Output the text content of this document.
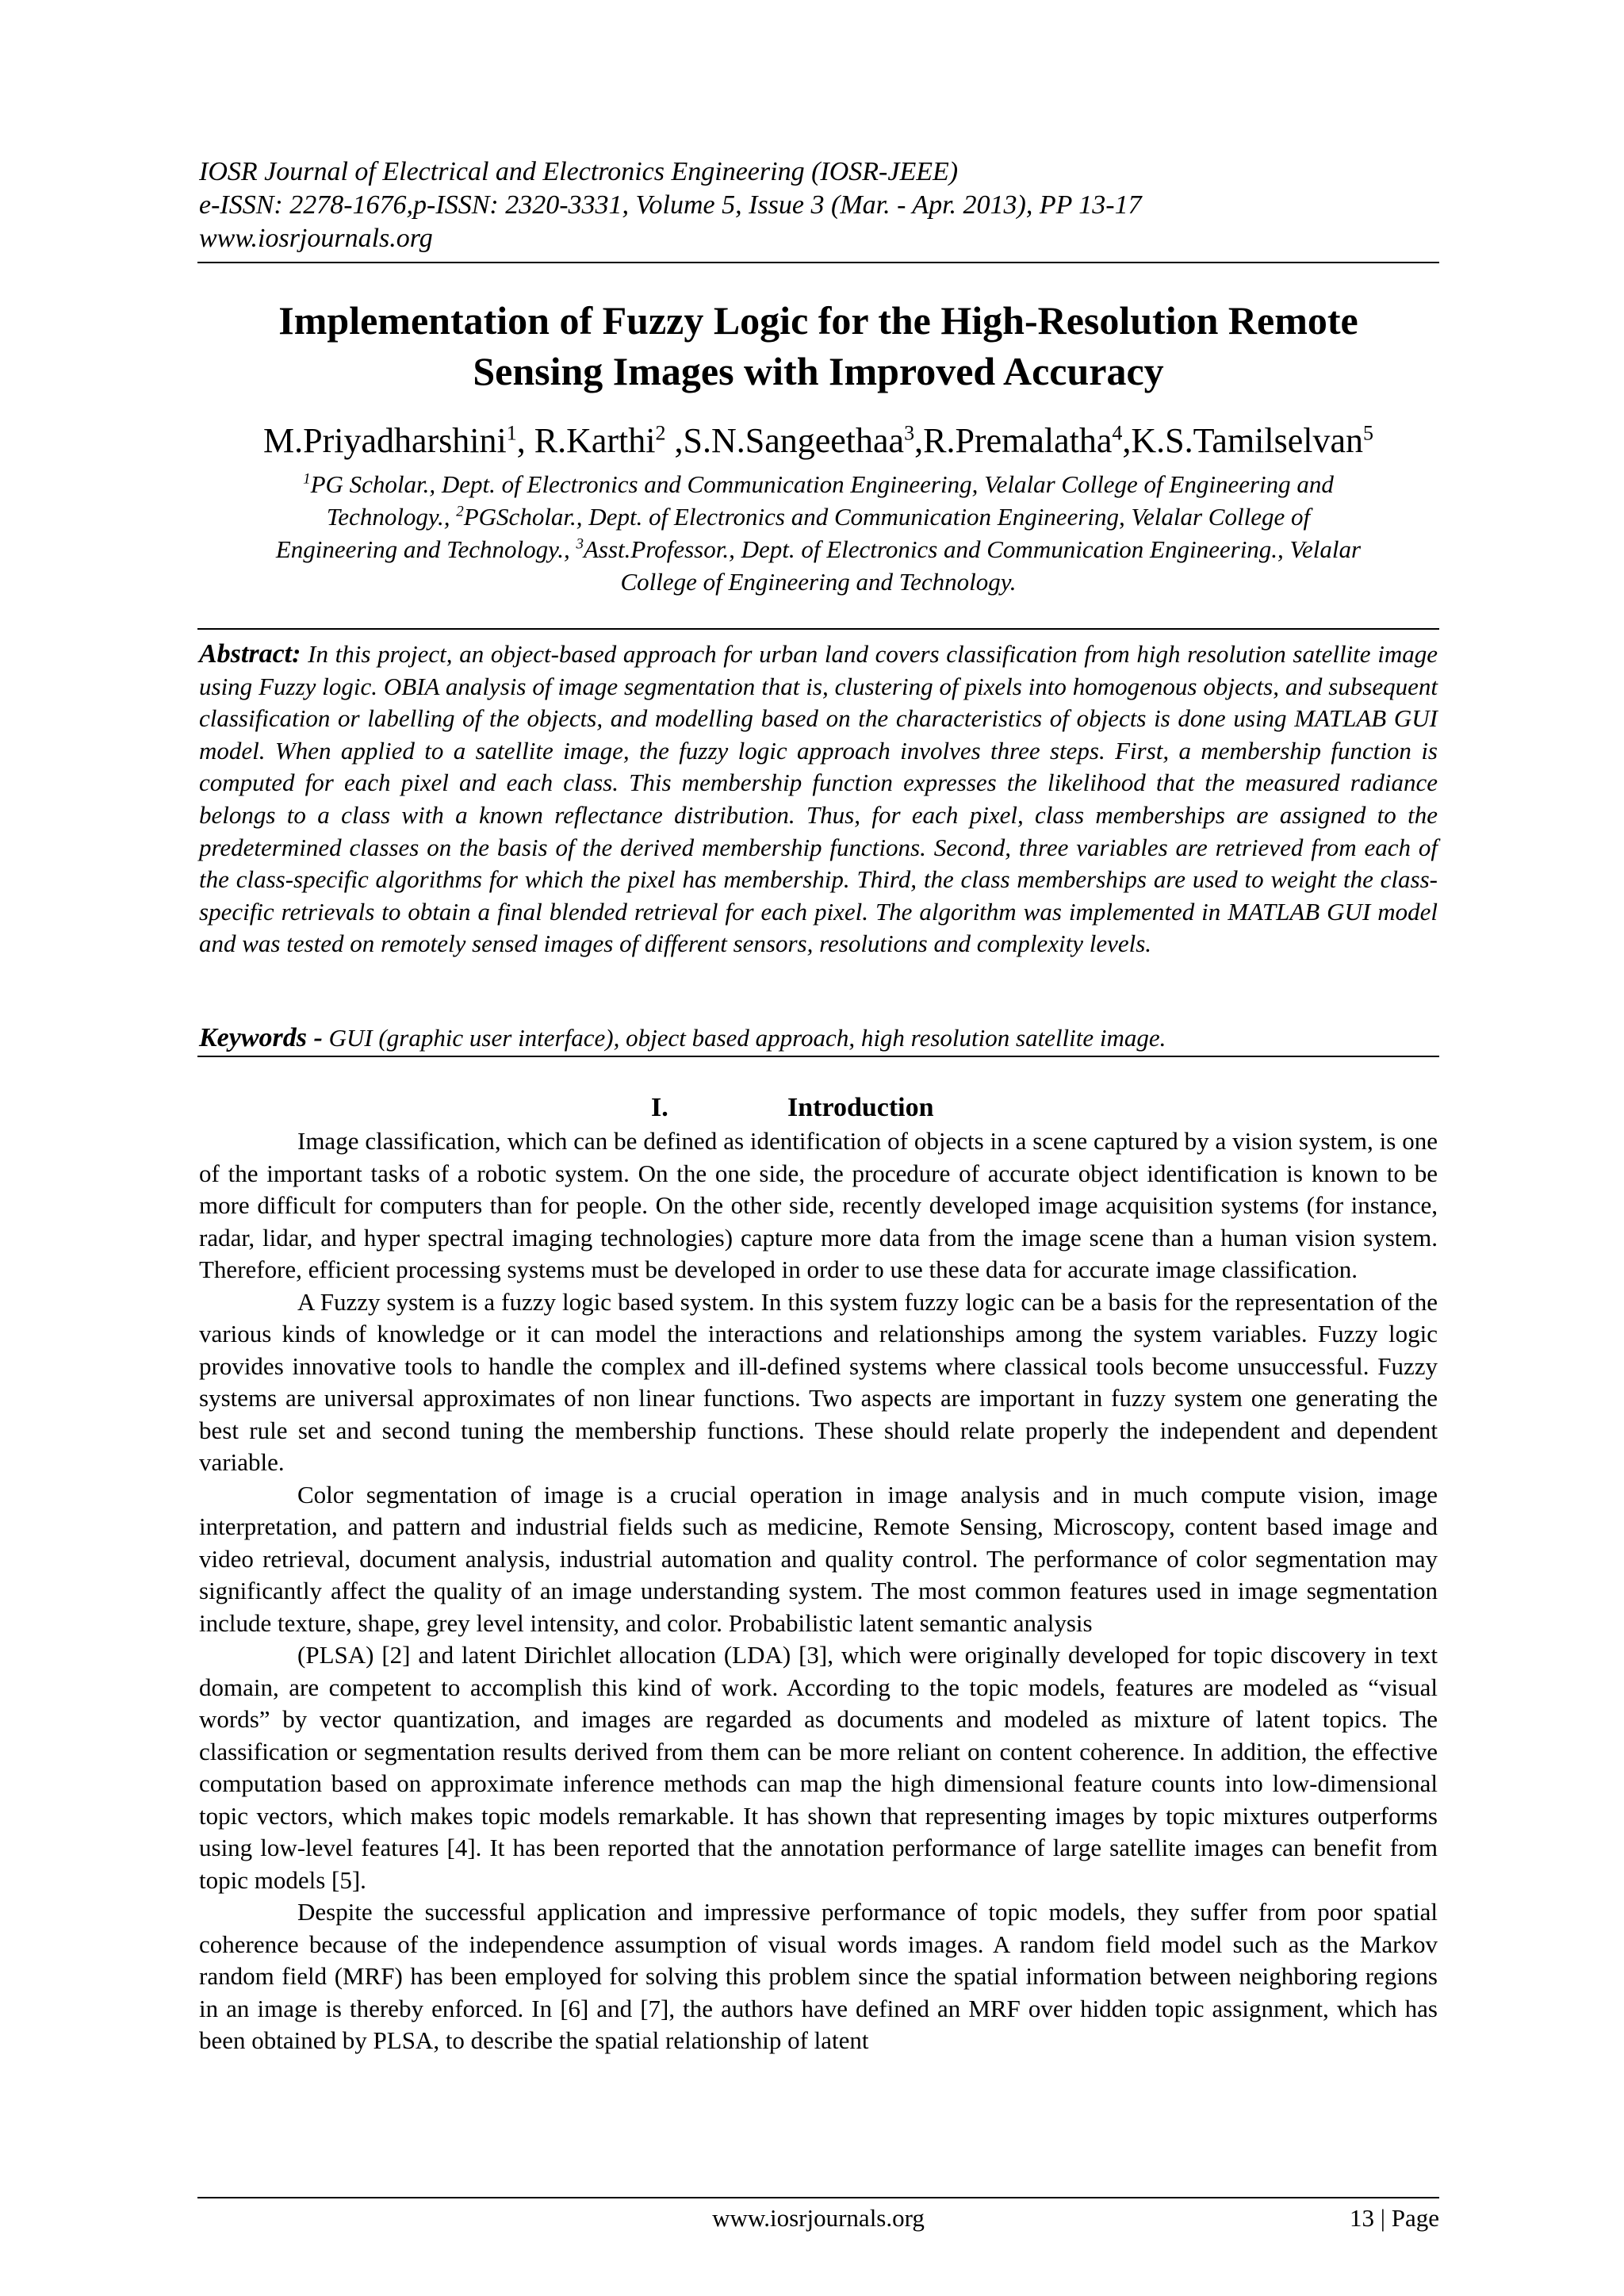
IOSR Journal of Electrical and Electronics Engineering (IOSR-JEEE)
e-ISSN: 2278-1676,p-ISSN: 2320-3331, Volume 5, Issue 3 (Mar. - Apr. 2013), PP 13-17
www.iosrjournals.org
Implementation of Fuzzy Logic for the High-Resolution Remote
Sensing Images with Improved Accuracy
M.Priyadharshini$^1$, R.Karthi$^2$ ,S.N.Sangeethaa$^3$,R.Premalatha$^4$,K.S.Tamilselvan$^5$
$^1$PG Scholar., Dept. of Electronics and Communication Engineering, Velalar College of Engineering and
Technology., $^2$PGScholar., Dept. of Electronics and Communication Engineering, Velalar College of
Engineering and Technology., $^3$Asst.Professor., Dept. of Electronics and Communication Engineering., Velalar
College of Engineering and Technology.
Abstract: In this project, an object-based approach for urban land covers classification from high resolution satellite image using Fuzzy logic. OBIA analysis of image segmentation that is, clustering of pixels into homogenous objects, and subsequent classification or labelling of the objects, and modelling based on the characteristics of objects is done using MATLAB GUI model. When applied to a satellite image, the fuzzy logic approach involves three steps. First, a membership function is computed for each pixel and each class. This membership function expresses the likelihood that the measured radiance belongs to a class with a known reflectance distribution. Thus, for each pixel, class memberships are assigned to the predetermined classes on the basis of the derived membership functions. Second, three variables are retrieved from each of the class-specific algorithms for which the pixel has membership. Third, the class memberships are used to weight the class-specific retrievals to obtain a final blended retrieval for each pixel. The algorithm was implemented in MATLAB GUI model and was tested on remotely sensed images of different sensors, resolutions and complexity levels.
Keywords - GUI (graphic user interface), object based approach, high resolution satellite image.
I.	Introduction

Image classification, which can be defined as identification of objects in a scene captured by a vision system, is one of the important tasks of a robotic system. On the one side, the procedure of accurate object identification is known to be more difficult for computers than for people. On the other side, recently developed image acquisition systems (for instance, radar, lidar, and hyper spectral imaging technologies) capture more data from the image scene than a human vision system. Therefore, efficient processing systems must be developed in order to use these data for accurate image classification.

A Fuzzy system is a fuzzy logic based system. In this system fuzzy logic can be a basis for the representation of the various kinds of knowledge or it can model the interactions and relationships among the system variables. Fuzzy logic provides innovative tools to handle the complex and ill-defined systems where classical tools become unsuccessful. Fuzzy systems are universal approximates of non linear functions. Two aspects are important in fuzzy system one generating the best rule set and second tuning the membership functions. These should relate properly the independent and dependent variable.

Color segmentation of image is a crucial operation in image analysis and in much compute vision, image interpretation, and pattern and industrial fields such as medicine, Remote Sensing, Microscopy, content based image and video retrieval, document analysis, industrial automation and quality control. The performance of color segmentation may significantly affect the quality of an image understanding system. The most common features used in image segmentation include texture, shape, grey level intensity, and color. Probabilistic latent semantic analysis

(PLSA) [2] and latent Dirichlet allocation (LDA) [3], which were originally developed for topic discovery in text domain, are competent to accomplish this kind of work. According to the topic models, features are modeled as “visual words” by vector quantization, and images are regarded as documents and modeled as mixture of latent topics. The classification or segmentation results derived from them can be more reliant on content coherence. In addition, the effective computation based on approximate inference methods can map the high dimensional feature counts into low-dimensional topic vectors, which makes topic models remarkable. It has shown that representing images by topic mixtures outperforms using low-level features [4]. It has been reported that the annotation performance of large satellite images can benefit from topic models [5].

Despite the successful application and impressive performance of topic models, they suffer from poor spatial coherence because of the independence assumption of visual words images. A random field model such as the Markov random field (MRF) has been employed for solving this problem since the spatial information between neighboring regions in an image is thereby enforced. In [6] and [7], the authors have defined an MRF over hidden topic assignment, which has been obtained by PLSA, to describe the spatial relationship of latent

www.iosrjournals.org	13 | Page
